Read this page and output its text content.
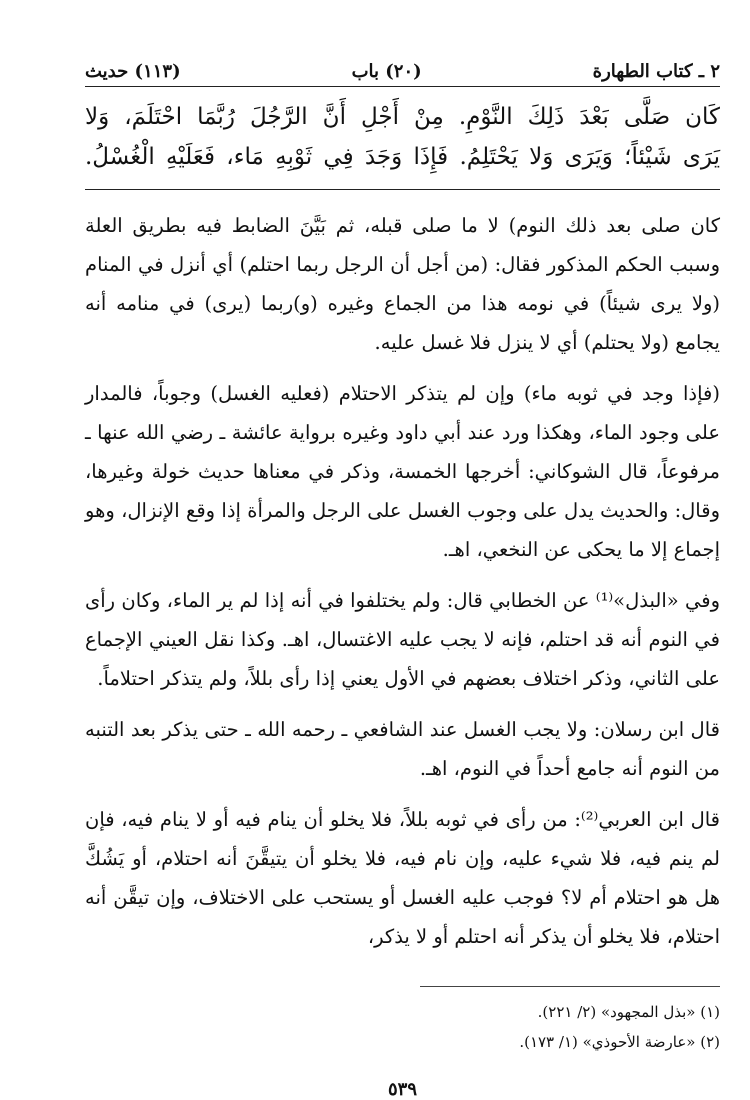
٢ ـ كتاب الطهارة
(٢٠) باب
(١١٣) حديث
كَان صَلَّى بَعْدَ ذَلِكَ النَّوْمِ. مِنْ أَجْلِ أَنَّ الرَّجُلَ رُبَّمَا احْتَلَمَ، وَلا
يَرَى شَيْئاً؛ وَيَرَى وَلا يَحْتَلِمُ. فَإِذَا وَجَدَ فِي ثَوْبِهِ مَاء، فَعَلَيْهِ الْغُسْلُ.

كان صلى بعد ذلك النوم) لا ما صلى قبله، ثم بَيَّنَ الضابط فيه بطريق العلة وسبب الحكم المذكور فقال: (من أجل أن الرجل ربما احتلم) أي أنزل في المنام (ولا يرى شيئاً) في نومه هذا من الجماع وغيره (و)ربما (يرى) في منامه أنه يجامع (ولا يحتلم) أي لا ينزل فلا غسل عليه.

(فإذا وجد في ثوبه ماء) وإن لم يتذكر الاحتلام (فعليه الغسل) وجوباً، فالمدار على وجود الماء، وهكذا ورد عند أبي داود وغيره برواية عائشة ـ رضي الله عنها ـ مرفوعاً، قال الشوكاني: أخرجها الخمسة، وذكر في معناها حديث خولة وغيرها، وقال: والحديث يدل على وجوب الغسل على الرجل والمرأة إذا وقع الإنزال، وهو إجماع إلا ما يحكى عن النخعي، اهـ.

وفي «البذل»⁽¹⁾ عن الخطابي قال: ولم يختلفوا في أنه إذا لم ير الماء، وكان رأى في النوم أنه قد احتلم، فإنه لا يجب عليه الاغتسال، اهـ. وكذا نقل العيني الإجماع على الثاني، وذكر اختلاف بعضهم في الأول يعني إذا رأى بللاً، ولم يتذكر احتلاماً.

قال ابن رسلان: ولا يجب الغسل عند الشافعي ـ رحمه الله ـ حتى يذكر بعد التنبه من النوم أنه جامع أحداً في النوم، اهـ.

قال ابن العربي⁽²⁾: من رأى في ثوبه بللاً، فلا يخلو أن ينام فيه أو لا ينام فيه، فإن لم ينم فيه، فلا شيء عليه، وإن نام فيه، فلا يخلو أن يتيقَّنَ أنه احتلام، أو يَشُكَّ هل هو احتلام أم لا؟ فوجب عليه الغسل أو يستحب على الاختلاف، وإن تيقَّن أنه احتلام، فلا يخلو أن يذكر أنه احتلم أو لا يذكر،

(١) «بذل المجهود» (٢/ ٢٢١).
(٢) «عارضة الأحوذي» (١/ ١٧٣).
٥٣٩
